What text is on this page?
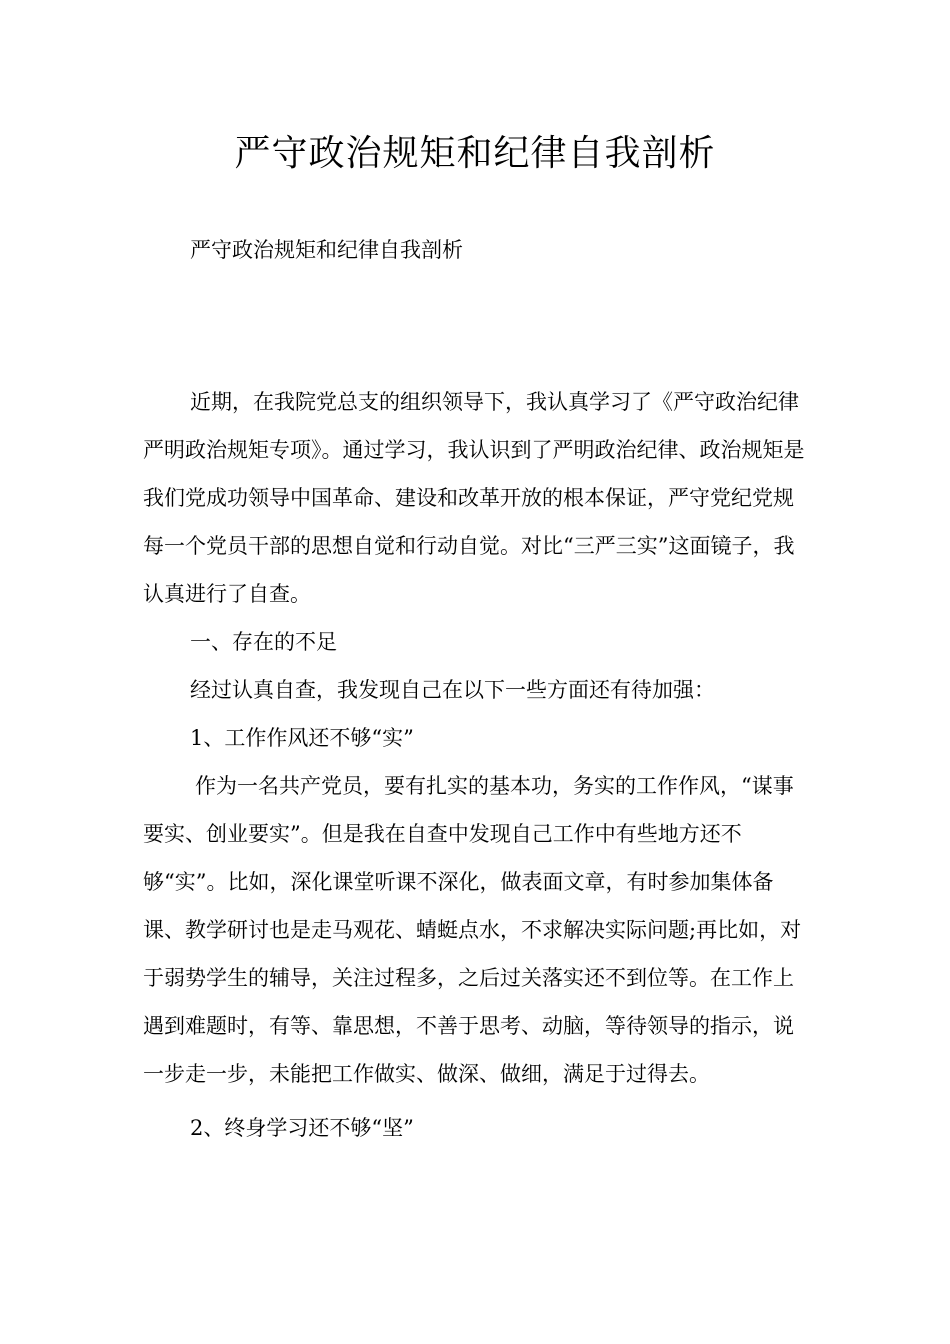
严守政治规矩和纪律自我剖析

严守政治规矩和纪律自我剖析

近期，在我院党总支的组织领导下，我认真学习了《严守政治纪律严明政治规矩专项》。通过学习，我认识到了严明政治纪律、政治规矩是我们党成功领导中国革命、建设和改革开放的根本保证，严守党纪党规每一个党员干部的思想自觉和行动自觉。对比“三严三实”这面镜子，我认真进行了自查。

一、存在的不足

经过认真自查，我发现自己在以下一些方面还有待加强：

1、工作作风还不够“实”

作为一名共产党员，要有扎实的基本功，务实的工作作风，“谋事要实、创业要实”。但是我在自查中发现自己工作中有些地方还不够“实”。比如，深化课堂听课不深化，做表面文章，有时参加集体备课、教学研讨也是走马观花、蜻蜓点水，不求解决实际问题;再比如，对于弱势学生的辅导，关注过程多，之后过关落实还不到位等。在工作上遇到难题时，有等、靠思想，不善于思考、动脑，等待领导的指示，说一步走一步，未能把工作做实、做深、做细，满足于过得去。

2、终身学习还不够“坚”
